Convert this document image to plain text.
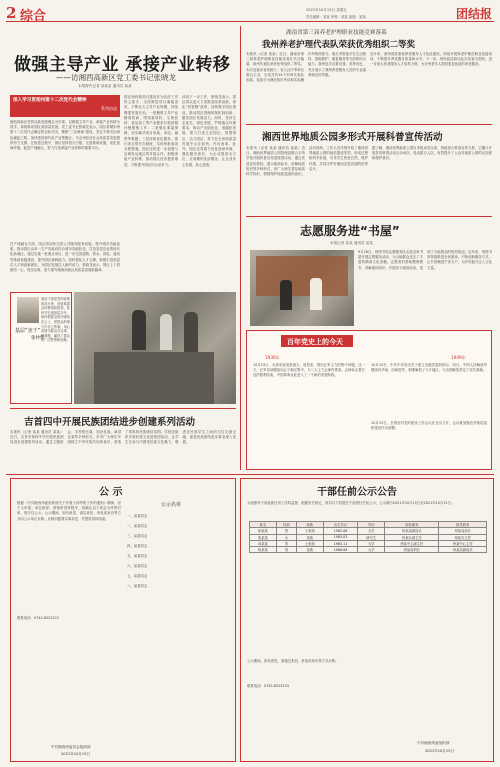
2 综合	2021年10月15日 星期五
责任编辑：某某 审校：某某 组版：某某	团结报
做强主导产业 承接产业转移
——访湘西高新区党工委书记张晓龙
本报特约记者 某某某 通讯员 某某
深入学习贯彻州第十二次党代会精神
系列访谈
湘西高新区坚持以新发展理念为引领，以做强主导产业、承接产业转移为抓手，持续推动园区高质量发展。党工委书记张晓龙表示，园区将紧扣州第十二次党代会确定的目标任务，聚焦“三区两地”建设，坚定不移走好绿色崛起之路，加快建设现代化产业集聚区，为全州经济社会高质量发展提供有力支撑。在推进过程中，园区坚持招大引强，完善基础设施，优化营商环境，促进产城融合，努力打造承接产业转移的重要平台。
园区始终把项目建设作为经济工作的主抓手，全面推进项目落地见效，不断壮大主导产业规模，持续增强发展后劲。一是聚焦主导产业精准招商，围绕新材料、生物医药、食品加工等产业链条开展延链补链强链工作；二是强化要素保障，切实解决项目用地、用电、融资等难题；三是持续优化服务，推行项目帮代办制度，实现审批事项全程提速。园区还将进一步加强与沿海发达地区的对接合作，积极承接产业转移，推动园区经济提质增效，不断提升园区综合竞争力。
谈到下一步工作，张晓龙表示，园区将以更大力度推进改革创新，深化“放管服”改革，加快数字园区建设，推动园区管理体制机制创新，激发园区发展活力。同时，坚持生态优先、绿色发展，严格落实环保要求，推动产业绿色化、低碳化发展，着力打造生态园区、智慧园区、活力园区，努力在全州高质量发展中走在前列、作出表率。此外，园区还将着力优化营商环境，强化服务意识，为企业提供全方位、全周期的优质服务，让企业安心发展、放心投资。
在产城融合方面，园区将加快完善公共服务配套设施，提升城市功能品质，推动园区由单一生产功能向综合城市功能转变，打造宜居宜业的现代化新城区。通过实施一批重点项目，进一步完善道路、供水、供电、通讯等基础设施建设，提升园区承载能力。同时强化人才支撑，积极引进高层次人才和创新团队，为园区发展注入新的动力。张晓龙表示，园区上下将团结一心、攻坚克难，奋力谱写湘西高新区高质量发展新篇章。
基层“実干”
张仲华
基层干部是党的政策的执行者，是联系群众的桥梁和纽带。张仲华扎根基层多年，始终把群众的冷暖放在心上，把群众的事当作自己的事，用心用情为群众办实事、解难题，赢得了群众的广泛赞誉和信赖。
吉首四中开展民族团结进步创建系列活动
本报讯（记者 某某 通讯员 某某）近日，吉首市第四中学开展民族团结进步创建系列活动，通过主题班会、手抄报比赛、知识竞赛、演讲比赛等多种形式，引导广大师生牢固树立中华民族共同体意识，营造了浓厚的民族团结氛围。学校还组织开展民族文化进校园活动，让学生在参与中感受民族文化魅力，增进各民族学生之间的交往交流交融，促进民族团结进步事业深入发展。
湖南省第三届养老护理职业技能竞赛落幕
我州养老护理代表队荣获优秀组织二等奖
本报讯（记者 某某）近日，湖南省第三届养老护理职业技能竞赛在长沙落幕，我州代表队荣获优秀组织二等奖。本次竞赛由省民政厅、省人社厅等单位联合主办，全省共有14个市州代表队参赛。竞赛分为理论知识考试和实际操作考核两部分，重点考察选手在生活照料、基础照护、康复服务等方面的综合能力。我州选手沉着应战、发挥出色，充分展示了我州养老服务人员的专业素养和良好风貌。
近年来，我州高度重视养老服务人才队伍建设，持续开展养老护理员职业技能培训，不断提升养老服务质量和水平。下一步，州民政局将以此次竞赛为契机，进一步加大养老服务人才培养力度，为全州老年人提供更加优质的养老服务。
湘西世界地质公园多形式开展科普宣传活动
本报讯（记者 某某 通讯员 某某）近日，湘西世界地质公园管理局联合多所学校开展科普宣传进校园活动，通过发放宣传资料、展示地质标本、讲解地质知识等多种形式，向广大师生普及地质科学知识，增强保护地质遗迹的意识。活动现场，工作人员详细介绍了湘西世界地质公园的地质遗迹类型、形成过程和科学价值，引导学生热爱自然、保护环境，共同守护好湘西这张亮丽的世界名片。
据了解，湘西世界地质公园自申报成功以来，持续加大科普宣传力度，已累计开展各类科普活动百余场次，受众数万人次，有效提升了公众对地质公园的认知度和保护意识。
志愿服务进“书屋”
本报记者 某某 通讯员 某某
9月28日，州图书馆志愿服务队走进农家书屋开展志愿服务活动，为当地群众送去了丰富的精神文化食粮。志愿者们帮助整理图书、讲解阅读知识、开展亲子阅读活动，受到了当地群众的热烈欢迎。近年来，州图书馆持续推进全民阅读，不断创新服务方式，让书香飘进千家万户，为乡村振兴注入文化力量。
百年党史上的今天
1936年	1949年
10月15日，毛泽东致电张闻天、周恩来，指出红军主力的集中问题。这一天，红军各部继续向会宁地区集中，为三大主力会师作准备。会师标志着长征的胜利结束，中国革命从此进入了一个新的发展阶段。
10月15日，中共中央发出关于建立各级党委的指示。同日，中国人民解放军继续向华南、西南进军，相继解放了大片地区，为全国解放奠定了坚实基础。
10月15日，全国农村党的建设工作会议在北京召开，会议就加强农村基层组织建设作出部署。
公 示
根据《中共湘西州委组织部关于开展干部考察工作的通知》精神，经个人申报、单位推荐、资格审查等程序，拟确定以下同志为考察对象，现予以公示。公示期间，如有意见，请以来信、来电或来访等方式向公示单位反映。反映问题要实事求是，并提供具体线索。
联系电话：0743-8522222
中共湘西州委员会组织部
2021年10月15日
公示名单
一、某某同志
二、某某同志
三、某某同志
四、某某同志
五、某某同志
六、某某同志
七、某某同志
八、某某同志
干部任前公示公告
为加强对干部选拔任用工作的监督，根据有关规定，现对以下拟提任干部进行任前公示，公示期为2021年10月15日至2021年10月21日。
姓名	性别	民族	出生年月	学历	现任职务	拟任职务
彭某某	男	土家族	1982.06	大学	州某局副局长	州某局局长
张某某	女	苗族	1985.03	研究生	州某办副主任	州某办主任
向某某	男	土家族	1983.11	大学	州某中心副主任	州某中心主任
杨某某	男	苗族	1986.08	大学	州某局科长	州某局副局长
公示期间，如有意见，请通过来信、来电或来访等方式反映。
联系电话：0743-8523333
中共湘西州委组织部
2021年10月15日
